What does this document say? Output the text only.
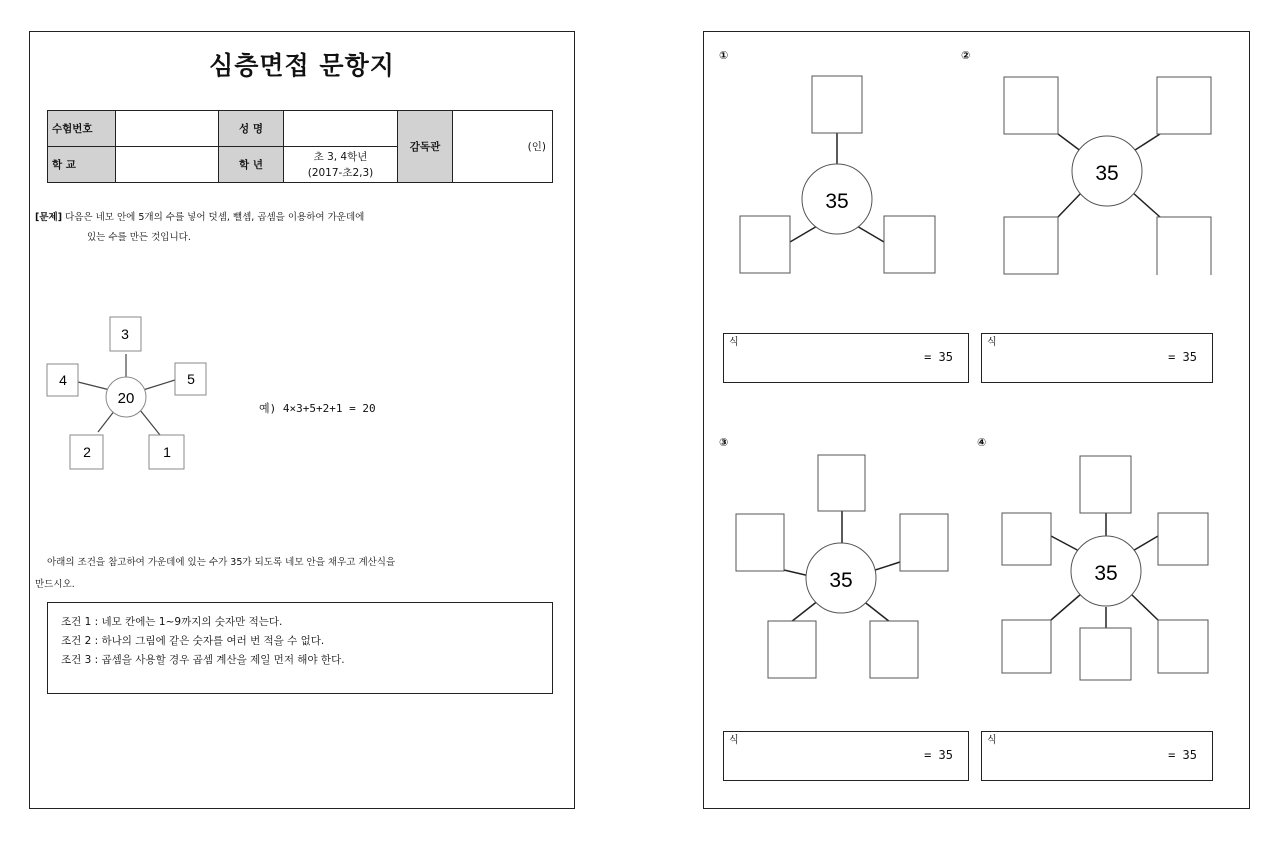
심층면접 문항지
수험번호		성 명		감독관	(인)
학 교		학 년	초 3, 4학년
(2017-초2,3)		
[문제] 다음은 네모 안에 5개의 수를 넣어 덧셈, 뺄셈, 곱셈을 이용하여 가운데에
있는 수를 만든 것입니다.
20
3
5
1
2
4
예) 4×3+5+2+1 = 20
아래의 조건을 참고하여 가운데에 있는 수가 35가 되도록 네모 안을 채우고 계산식을
만드시오.
조건 1 : 네모 칸에는 1~9까지의 숫자만 적는다.
조건 2 : 하나의 그림에 같은 숫자를 여러 번 적을 수 없다.
조건 3 : 곱셈을 사용할 경우 곱셈 계산을 제일 먼저 해야 한다.
①
35
식
= 35
②
35
식
= 35
③
35
식
= 35
④
35
식
= 35
